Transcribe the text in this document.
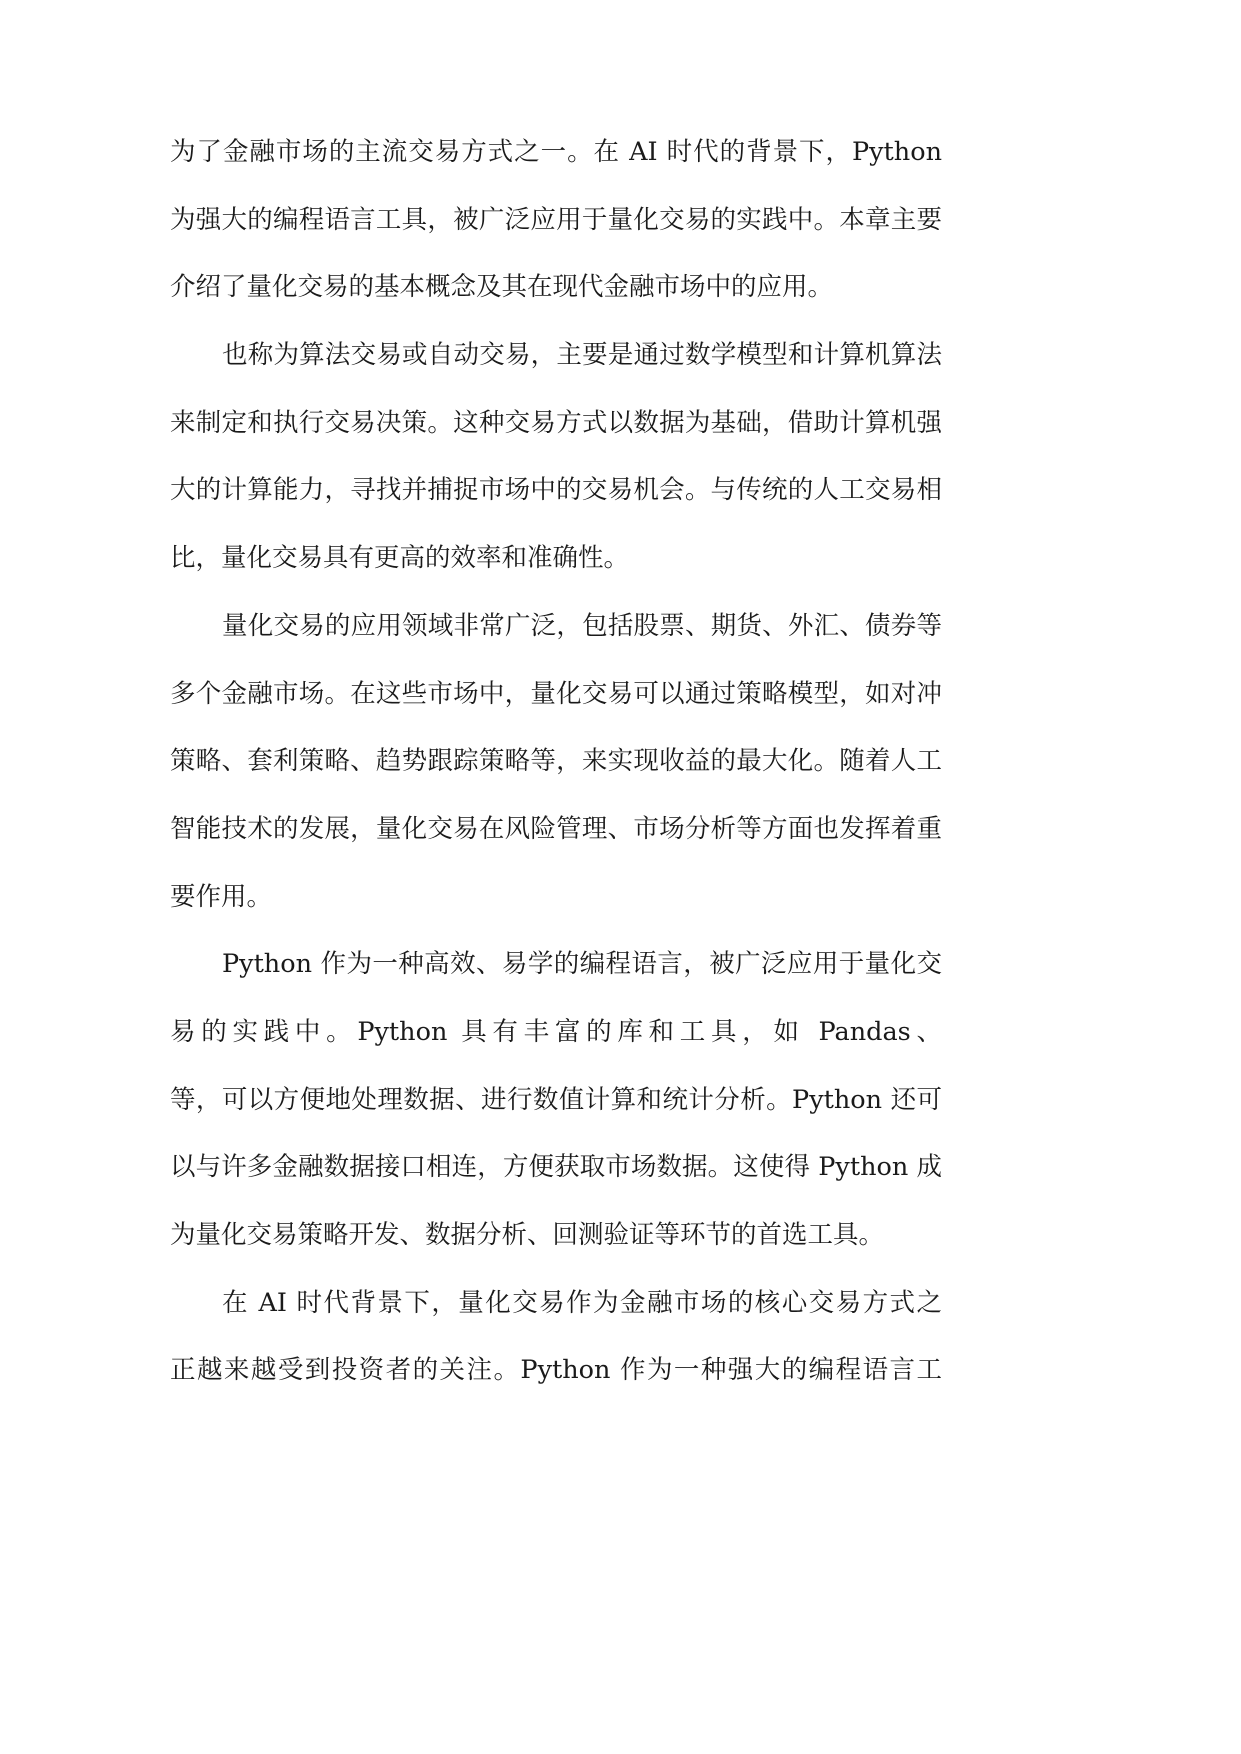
为了金融市场的主流交易方式之一。在 AI 时代的背景下，Python
为强大的编程语言工具，被广泛应用于量化交易的实践中。本章主要
介绍了量化交易的基本概念及其在现代金融市场中的应用。
也称为算法交易或自动交易，主要是通过数学模型和计算机算法
来制定和执行交易决策。这种交易方式以数据为基础，借助计算机强
大的计算能力，寻找并捕捉市场中的交易机会。与传统的人工交易相
比，量化交易具有更高的效率和准确性。
量化交易的应用领域非常广泛，包括股票、期货、外汇、债券等
多个金融市场。在这些市场中，量化交易可以通过策略模型，如对冲
策略、套利策略、趋势跟踪策略等，来实现收益的最大化。随着人工
智能技术的发展，量化交易在风险管理、市场分析等方面也发挥着重
要作用。
Python 作为一种高效、易学的编程语言，被广泛应用于量化交
易的实践中。Python 具有丰富的库和工具，如 Pandas、
等，可以方便地处理数据、进行数值计算和统计分析。Python 还可
以与许多金融数据接口相连，方便获取市场数据。这使得 Python 成
为量化交易策略开发、数据分析、回测验证等环节的首选工具。
在 AI 时代背景下，量化交易作为金融市场的核心交易方式之
正越来越受到投资者的关注。Python 作为一种强大的编程语言工
